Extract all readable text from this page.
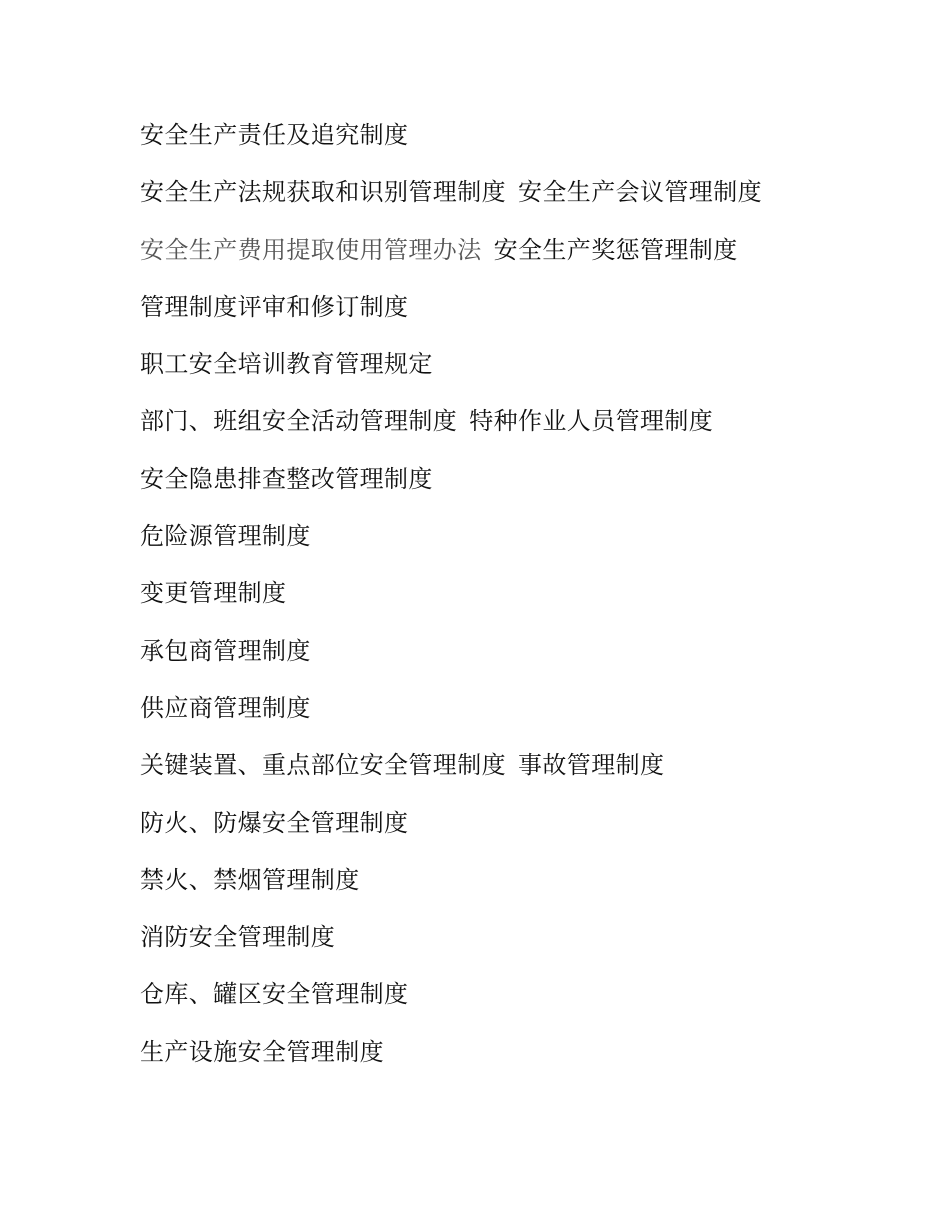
安全生产责任及追究制度
安全生产法规获取和识别管理制度 安全生产会议管理制度
安全生产费用提取使用管理办法 安全生产奖惩管理制度
管理制度评审和修订制度
职工安全培训教育管理规定
部门、班组安全活动管理制度 特种作业人员管理制度
安全隐患排查整改管理制度
危险源管理制度
变更管理制度
承包商管理制度
供应商管理制度
关键装置、重点部位安全管理制度 事故管理制度
防火、防爆安全管理制度
禁火、禁烟管理制度
消防安全管理制度
仓库、罐区安全管理制度
生产设施安全管理制度
